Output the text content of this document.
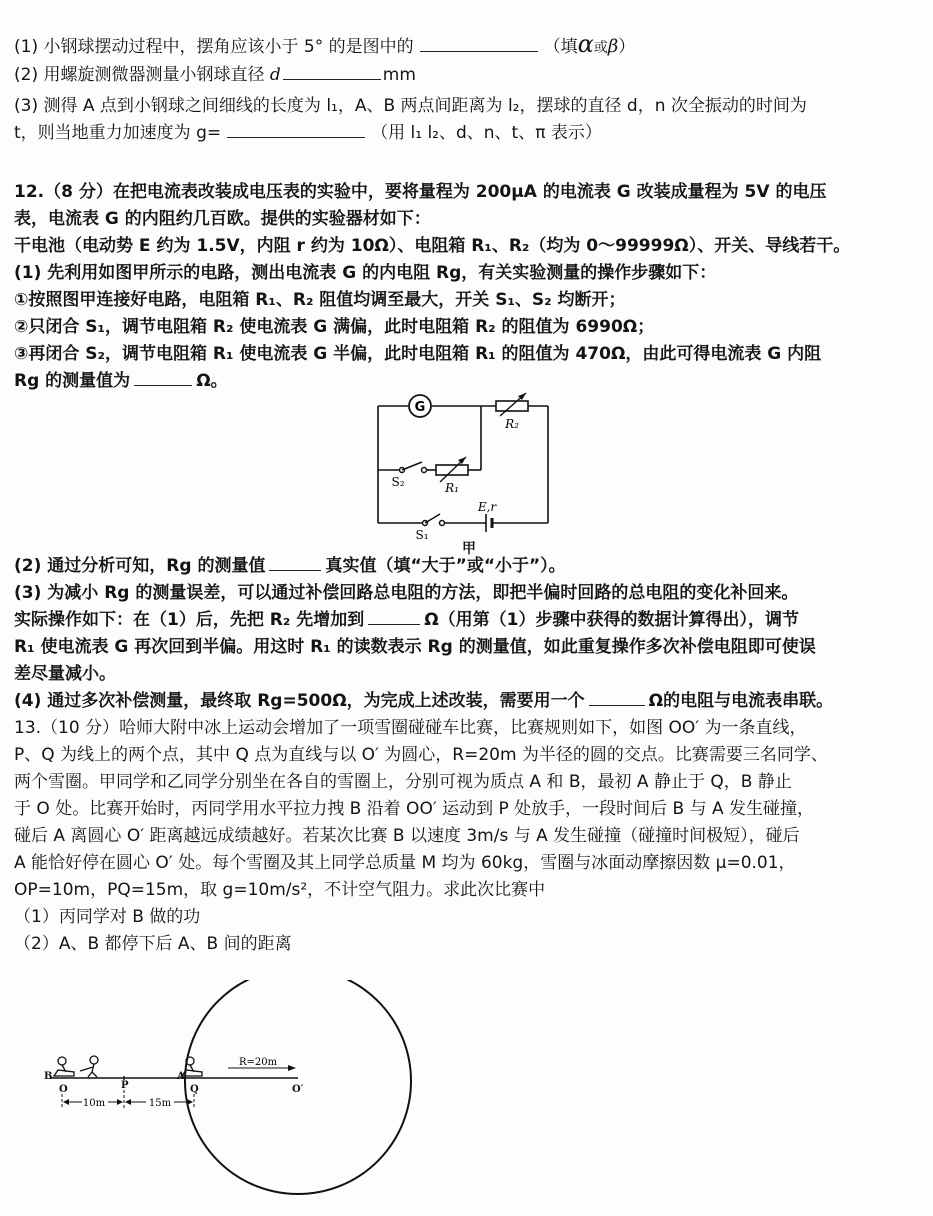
(1) 小钢球摆动过程中，摆角应该小于 5° 的是图中的	（填α或β）
(2) 用螺旋测微器测量小钢球直径 d	mm
(3) 测得 A 点到小钢球之间细线的长度为 l₁，A、B 两点间距离为 l₂，摆球的直径 d，n 次全振动的时间为
t，则当地重力加速度为 g=	（用 l₁ l₂、d、n、t、π 表示）
12.（8 分）在把电流表改装成电压表的实验中，要将量程为 200μA 的电流表 G 改装成量程为 5V 的电压
表，电流表 G 的内阻约几百欧。提供的实验器材如下：
干电池（电动势 E 约为 1.5V，内阻 r 约为 10Ω）、电阻箱 R₁、R₂（均为 0～99999Ω）、开关、导线若干。
(1) 先利用如图甲所示的电路，测出电流表 G 的内电阻 Rg，有关实验测量的操作步骤如下：
①按照图甲连接好电路，电阻箱 R₁、R₂ 阻值均调至最大，开关 S₁、S₂ 均断开；
②只闭合 S₁，调节电阻箱 R₂ 使电流表 G 满偏，此时电阻箱 R₂ 的阻值为 6990Ω；
③再闭合 S₂，调节电阻箱 R₁ 使电流表 G 半偏，此时电阻箱 R₁ 的阻值为 470Ω，由此可得电流表 G 内阻
Rg 的测量值为	Ω。
G
R₂
R₁
S₂
S₁
E,r
甲
(2) 通过分析可知，Rg 的测量值	真实值（填“大于”或“小于”）。
(3) 为减小 Rg 的测量误差，可以通过补偿回路总电阻的方法，即把半偏时回路的总电阻的变化补回来。
实际操作如下：在（1）后，先把 R₂ 先增加到	Ω（用第（1）步骤中获得的数据计算得出），调节
R₁ 使电流表 G 再次回到半偏。用这时 R₁ 的读数表示 Rg 的测量值，如此重复操作多次补偿电阻即可使误
差尽量减小。
(4) 通过多次补偿测量，最终取 Rg=500Ω，为完成上述改装，需要用一个	Ω的电阻与电流表串联。
13.（10 分）哈师大附中冰上运动会增加了一项雪圈碰碰车比赛，比赛规则如下，如图 OO′ 为一条直线，
P、Q 为线上的两个点，其中 Q 点为直线与以 O′ 为圆心，R=20m 为半径的圆的交点。比赛需要三名同学、
两个雪圈。甲同学和乙同学分别坐在各自的雪圈上，分别可视为质点 A 和 B，最初 A 静止于 Q，B 静止
于 O 处。比赛开始时，丙同学用水平拉力拽 B 沿着 OO′ 运动到 P 处放手，一段时间后 B 与 A 发生碰撞，
碰后 A 离圆心 O′ 距离越远成绩越好。若某次比赛 B 以速度 3m/s 与 A 发生碰撞（碰撞时间极短），碰后
A 能恰好停在圆心 O′ 处。每个雪圈及其上同学总质量 M 均为 60kg，雪圈与冰面动摩擦因数 μ=0.01，
OP=10m，PQ=15m，取 g=10m/s²，不计空气阻力。求此次比赛中
（1）丙同学对 B 做的功
（2）A、B 都停下后 A、B 间的距离
R=20m
B	A
O	P	Q	O′
10m	15m
